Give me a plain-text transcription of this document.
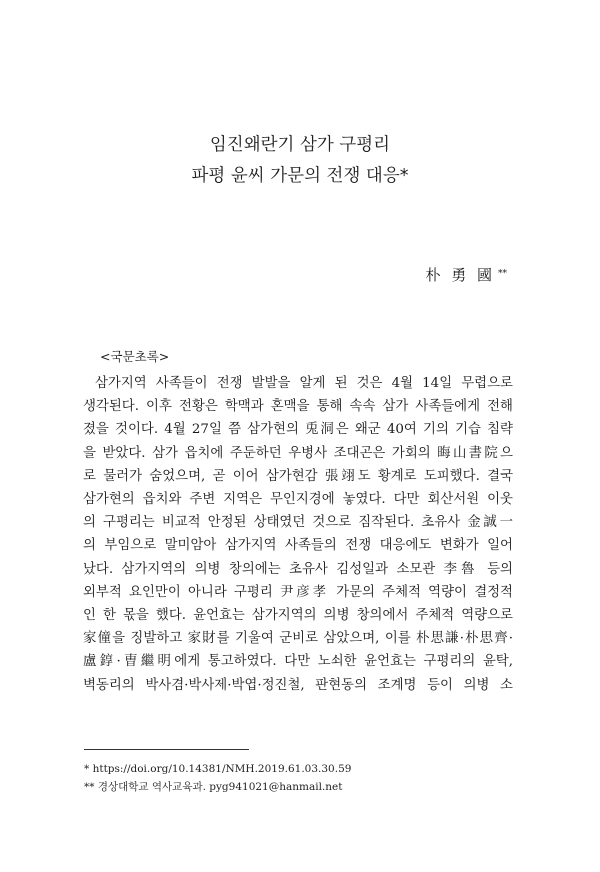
임진왜란기 삼가 구평리
파평 윤씨 가문의 전쟁 대응*
朴 勇 國 **
<국문초록>

삼가지역 사족들이 전쟁 발발을 알게 된 것은 4월 14일 무렵으로
생각된다. 이후 전황은 학맥과 혼맥을 통해 속속 삼가 사족들에게 전해
졌을 것이다. 4월 27일 쯤 삼가현의 兎洞은 왜군 40여 기의 기습 침략
을 받았다. 삼가 읍치에 주둔하던 우병사 조대곤은 가회의 晦山書院으
로 물러가 숨었으며, 곧 이어 삼가현감 張翊도 황계로 도피했다. 결국
삼가현의 읍치와 주변 지역은 무인지경에 놓였다. 다만 회산서원 이웃
의 구평리는 비교적 안정된 상태였던 것으로 짐작된다. 초유사 金誠一
의 부임으로 말미암아 삼가지역 사족들의 전쟁 대응에도 변화가 일어
났다. 삼가지역의 의병 창의에는 초유사 김성일과 소모관 李魯 등의
외부적 요인만이 아니라 구평리 尹彦孝 가문의 주체적 역량이 결정적
인 한 몫을 했다. 윤언효는 삼가지역의 의병 창의에서 주체적 역량으로
家僮을 징발하고 家財를 기울여 군비로 삼았으며, 이를 朴思謙·朴思齊·
盧錞·曺繼明에게 통고하였다. 다만 노쇠한 윤언효는 구평리의 윤탁,
벽동리의 박사겸·박사제·박엽·정진철, 판현동의 조계명 등이 의병 소

* https://doi.org/10.14381/NMH.2019.61.03.30.59
** 경상대학교 역사교육과. pyg941021@hanmail.net
